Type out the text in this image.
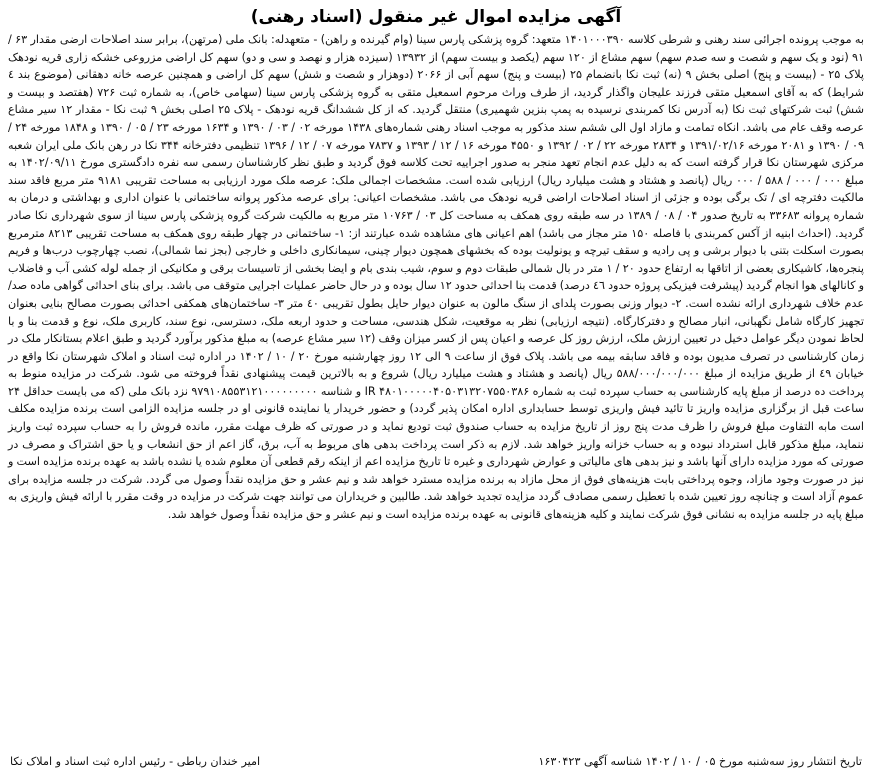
آگهی مزایده اموال غیر منقول (اسناد رهنی)

به موجب پرونده اجرائی سند رهنی و شرطی کلاسه ۱۴۰۱۰۰۰۳۹۰ متعهد: گروه پزشکی پارس سینا (وام گیرنده و راهن) - متعهدله: بانک ملی (مرتهن)، برابر سند اصلاحات ارضی مقدار ۶۳ / ۹۱ (نود و یک سهم و شصت و سه صدم سهم) سهم مشاع از ۱۲۰ سهم (یکصد و بیست سهم) از ۱۳۹۳۲ (سیزده هزار و نهصد و سی و دو) سهم کل اراضی مزروعی خشکه زاری قریه نودهک پلاک ۲۵ - (بیست و پنج) اصلی بخش ۹ (نه) ثبت نکا بانضمام ۲۵ (بیست و پنج) سهم آبی از ۲۰۶۶ (دوهزار و شصت و شش) سهم کل اراضی و همچنین عرصه خانه دهقانی (موضوع بند ٤ شرایط) که به آقای اسمعیل متقی فرزند علیجان واگذار گردید، از طرف وراث مرحوم اسمعیل متقی به گروه پزشکی پارس سینا (سهامی خاص)، به شماره ثبت ۷۲۶ (هفتصد و بیست و شش) ثبت شرکتهای ثبت نکا (به آدرس نکا کمربندی نرسیده به پمپ بنزین شهمیری) منتقل گردید. که از کل ششدانگ قریه نودهک - پلاک ۲۵ اصلی بخش ۹ ثبت نکا - مقدار ۱۲ سیر مشاع عرصه وقف عام می باشد. انکاه تمامت و مازاد اول الی ششم سند مذکور به موجب اسناد رهنی شماره‌های ۱۴۳۸ مورخه ۰۲ / ۰۳ / ۱۳۹۰ و ۱۶۳۴ مورخه ۲۳ / ۰۵ / ۱۳۹۰ و ۱۸۴۸ مورخه ۲۴ / ۰۹ / ۱۳۹۰ و ۲۰۸۱ مورخه ۱۳۹۱/۰۲/۱۶ و ۲۸۳۴ مورخه ۲۲ / ۰۲ / ۱۳۹۲ و ۴۵۵۰ مورخه ۱۶ / ۱۲ / ۱۳۹۳ و ۷۸۳۷ مورخه ۰۷ / ۱۲ / ۱۳۹۶ تنظیمی دفترخانه ۳۴۴ نکا در رهن بانک ملی ایران شعبه مرکزی شهرستان نکا قرار گرفته است که به دلیل عدم انجام تعهد منجر به صدور اجراییه تحت کلاسه فوق گردید و طبق نظر کارشناسان رسمی سه نفره دادگستری مورخ ۱۴۰۲/۰۹/۱۱ به مبلغ ۰۰۰ / ۰۰۰ / ۵۸۸ / ۰۰۰ ریال (پانصد و هشتاد و هشت میلیارد ریال) ارزیابی شده است. مشخصات اجمالی ملک: عرصه ملک مورد ارزیابی به مساحت تقریبی ۹۱۸۱ متر مربع فاقد سند مالکیت دفترچه ای / تک برگی بوده و جزئی از اسناد اصلاحات اراضی قریه نودهک می باشد. مشخصات اعیانی: برای عرصه مذکور پروانه ساختمانی با عنوان اداری و بهداشتی و درمان به شماره پروانه ۳۳۶۸۳ به تاریخ صدور ۰۴ / ۰۸ / ۱۳۸۹ در سه طبقه روی همکف به مساحت کل ۰۳ / ۱۰۷۶۳ متر مربع به مالکیت شرکت گروه پزشکی پارس سینا از سوی شهرداری نکا صادر گردید. (احداث ابنیه از آکس کمربندی با فاصله ۱۵۰ متر مجاز می باشد) اهم اعیانی های مشاهده شده عبارتند از: ۱- ساختمانی در چهار طبقه روی همکف به مساحت تقریبی ۸۲۱۳ مترمربع بصورت اسکلت بتنی با دیوار برشی و پی رادیه و سقف تیرچه و یونولیت بوده که بخشهای همچون دیوار چینی، سیمانکاری داخلی و خارجی (بجز نما شمالی)، نصب چهارچوب درب‌ها و فریم پنجره‌ها، کاشیکاری بعضی از اتاقها به ارتفاع حدود ۲۰ / ۱ متر در بال شمالی طبقات دوم و سوم، شیب بندی بام و ایضا بخشی از تاسیسات برقی و مکانیکی از جمله لوله کشی آب و فاضلاب و کانالهای هوا انجام گردید (پیشرفت فیزیکی پروژه حدود ٤٦ درصد) قدمت بنا احداثی حدود ۱۲ سال بوده و در حال حاضر عملیات اجرایی متوقف می باشد. برای بنای احداثی گواهی ماده صد/ عدم خلاف شهرداری ارائه نشده است. ۲- دیوار وزنی بصورت پلدای از سنگ مالون به عنوان دیوار حایل بطول تقریبی ٤٠ متر ۳- ساختمان‌های همکفی احداثی بصورت مصالح بنایی بعنوان تجهیز کارگاه شامل نگهبانی، انبار مصالح و دفترکارگاه. (نتیجه ارزیابی) نظر به موقعیت، شکل هندسی، مساحت و حدود اربعه ملک، دسترسی، نوع سند، کاربری ملک، نوع و قدمت بنا و با لحاظ نمودن دیگر عوامل دخیل در تعیین ارزش ملک، ارزش روز کل عرصه و اعیان پس از کسر میزان وقف (۱۲ سیر مشاع عرصه) به مبلغ مذکور برآورد گردید و طبق اعلام بستانکار ملک در زمان کارشناسی در تصرف مدیون بوده و فاقد سابقه بیمه می باشد. پلاک فوق از ساعت ۹ الی ۱۲ روز چهارشنبه مورخ ۲۰ / ۱۰ / ۱۴۰۲ در اداره ثبت اسناد و املاک شهرستان نکا واقع در خیابان ٤٩ از طریق مزایده از مبلغ ۵۸۸/۰۰۰/۰۰۰/۰۰۰ ریال (پانصد و هشتاد و هشت میلیارد ریال) شروع و به بالاترین قیمت پیشنهادی نقداً فروخته می شود. شرکت در مزایده منوط به پرداخت ده درصد از مبلغ پایه کارشناسی به حساب سپرده ثبت به شماره IR ۴۸۰۱۰۰۰۰۰۴۰۵۰۳۱۳۲۰۷۵۵۰۳۸۶ و شناسه ۹۷۹۱۰۸۵۵۳۱۲۱۰۰۰۰۰۰۰۰۰ نزد بانک ملی (که می بایست حداقل ۲۴ ساعت قبل از برگزاری مزایده واریز تا تائید فیش واریزی توسط حسابداری اداره امکان پذیر گردد) و حضور خریدار یا نماینده قانونی او در جلسه مزایده الزامی است برنده مزایده مکلف است مابه التفاوت مبلغ فروش را ظرف مدت پنج روز از تاریخ مزایده به حساب صندوق ثبت تودیع نماید و در صورتی که ظرف مهلت مقرر، مانده فروش را به حساب سپرده ثبت واریز ننماید، مبلغ مذکور قابل استرداد نبوده و به حساب خزانه واریز خواهد شد. لازم به ذکر است پرداخت بدهی های مربوط به آب، برق، گاز اعم از حق انشعاب و یا حق اشتراک و مصرف در صورتی که مورد مزایده دارای آنها باشد و نیز بدهی های مالیاتی و عوارض شهرداری و غیره تا تاریخ مزایده اعم از اینکه رقم قطعی آن معلوم شده یا نشده باشد به عهده برنده مزایده است و نیز در صورت وجود مازاد، وجوه پرداختی بابت هزینه‌های فوق از محل مازاد به برنده مزایده مسترد خواهد شد و نیم عشر و حق مزایده نقداً وصول می گردد. شرکت در جلسه مزایده برای عموم آزاد است و چنانچه روز تعیین شده با تعطیل رسمی مصادف گردد مزایده تجدید خواهد شد. طالبین و خریداران می توانند جهت شرکت در مزایده در وقت مقرر با ارائه فیش واریزی به مبلغ پایه در جلسه مزایده به نشانی فوق شرکت نمایند و کلیه هزینه‌های قانونی به عهده برنده مزایده است و نیم عشر و حق مزایده نقداً وصول خواهد شد.

تاریخ انتشار روز سه‌شنبه مورخ ۰۵ / ۱۰ / ۱۴۰۲ شناسه آگهی ۱۶۳۰۴۲۳
امیر خندان رباطی - رئیس اداره ثبت اسناد و املاک نکا
